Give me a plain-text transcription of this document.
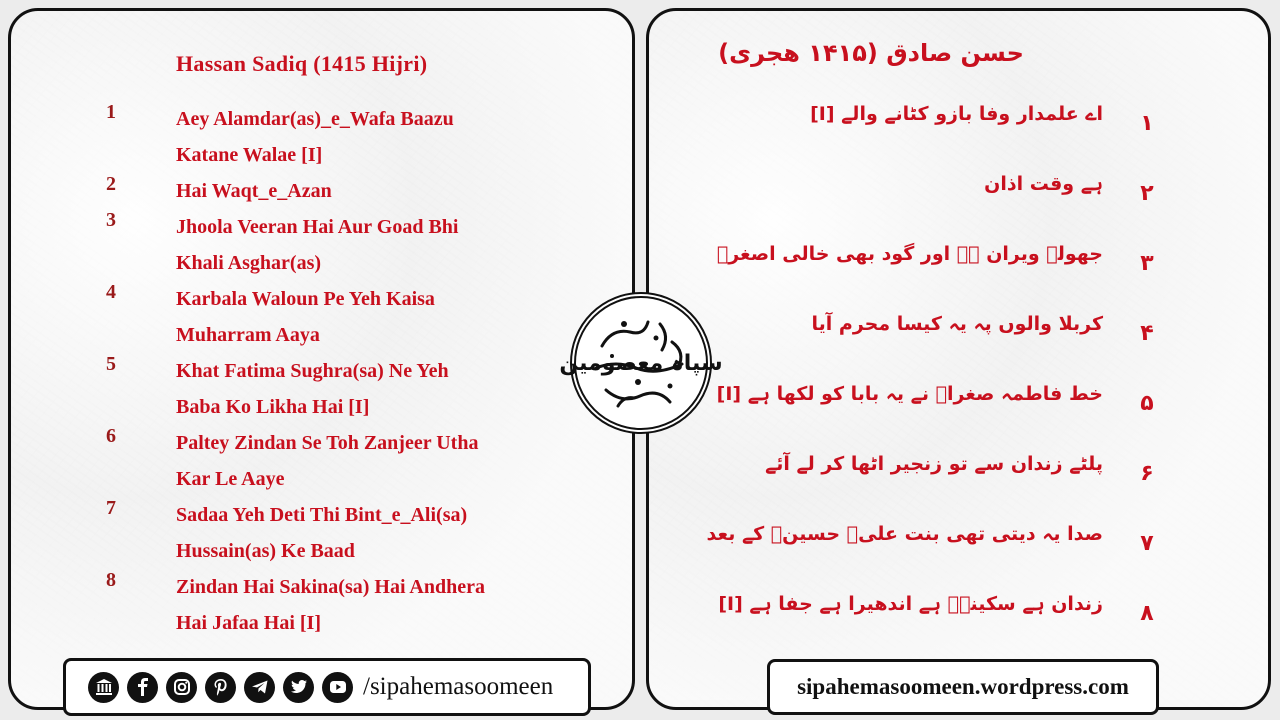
Hassan Sadiq (1415 Hijri)
1	Aey Alamdar(as)_e_Wafa Baazu
Katane Walae [I]
2	Hai Waqt_e_Azan
3	Jhoola Veeran Hai Aur Goad Bhi
Khali Asghar(as)
4	Karbala Waloun Pe Yeh Kaisa
Muharram Aaya
5	Khat Fatima Sughra(sa) Ne Yeh
Baba Ko Likha Hai [I]
6	Paltey Zindan Se Toh Zanjeer Utha
Kar Le Aaye
7	Sadaa Yeh Deti Thi Bint_e_Ali(sa)
Hussain(as) Ke Baad
8	Zindan Hai Sakina(sa) Hai Andhera
Hai Jafaa Hai [I]
/sipahemasoomeen
حسن صادق (۱۴۱۵ ھجری)
اے علمدار وفا بازو کٹانے والے [I]	۱
ہے وقت اذان	۲
جھولہ ویران ہے اور گود بھی خالی اصغرؑ	۳
کربلا والوں پہ یہ کیسا محرم آیا	۴
خط فاطمہ صغراؑ نے یہ بابا کو لکھا ہے [I]	۵
پلٹے زندان سے تو زنجیر اٹھا کر لے آئے	۶
صدا یہ دیتی تھی بنت علیؑ حسینؑ کے بعد	۷
زندان ہے سکینہؑ ہے اندھیرا ہے جفا ہے [I]	۸
sipahemasoomeen.wordpress.com
سپاہ معصومین
